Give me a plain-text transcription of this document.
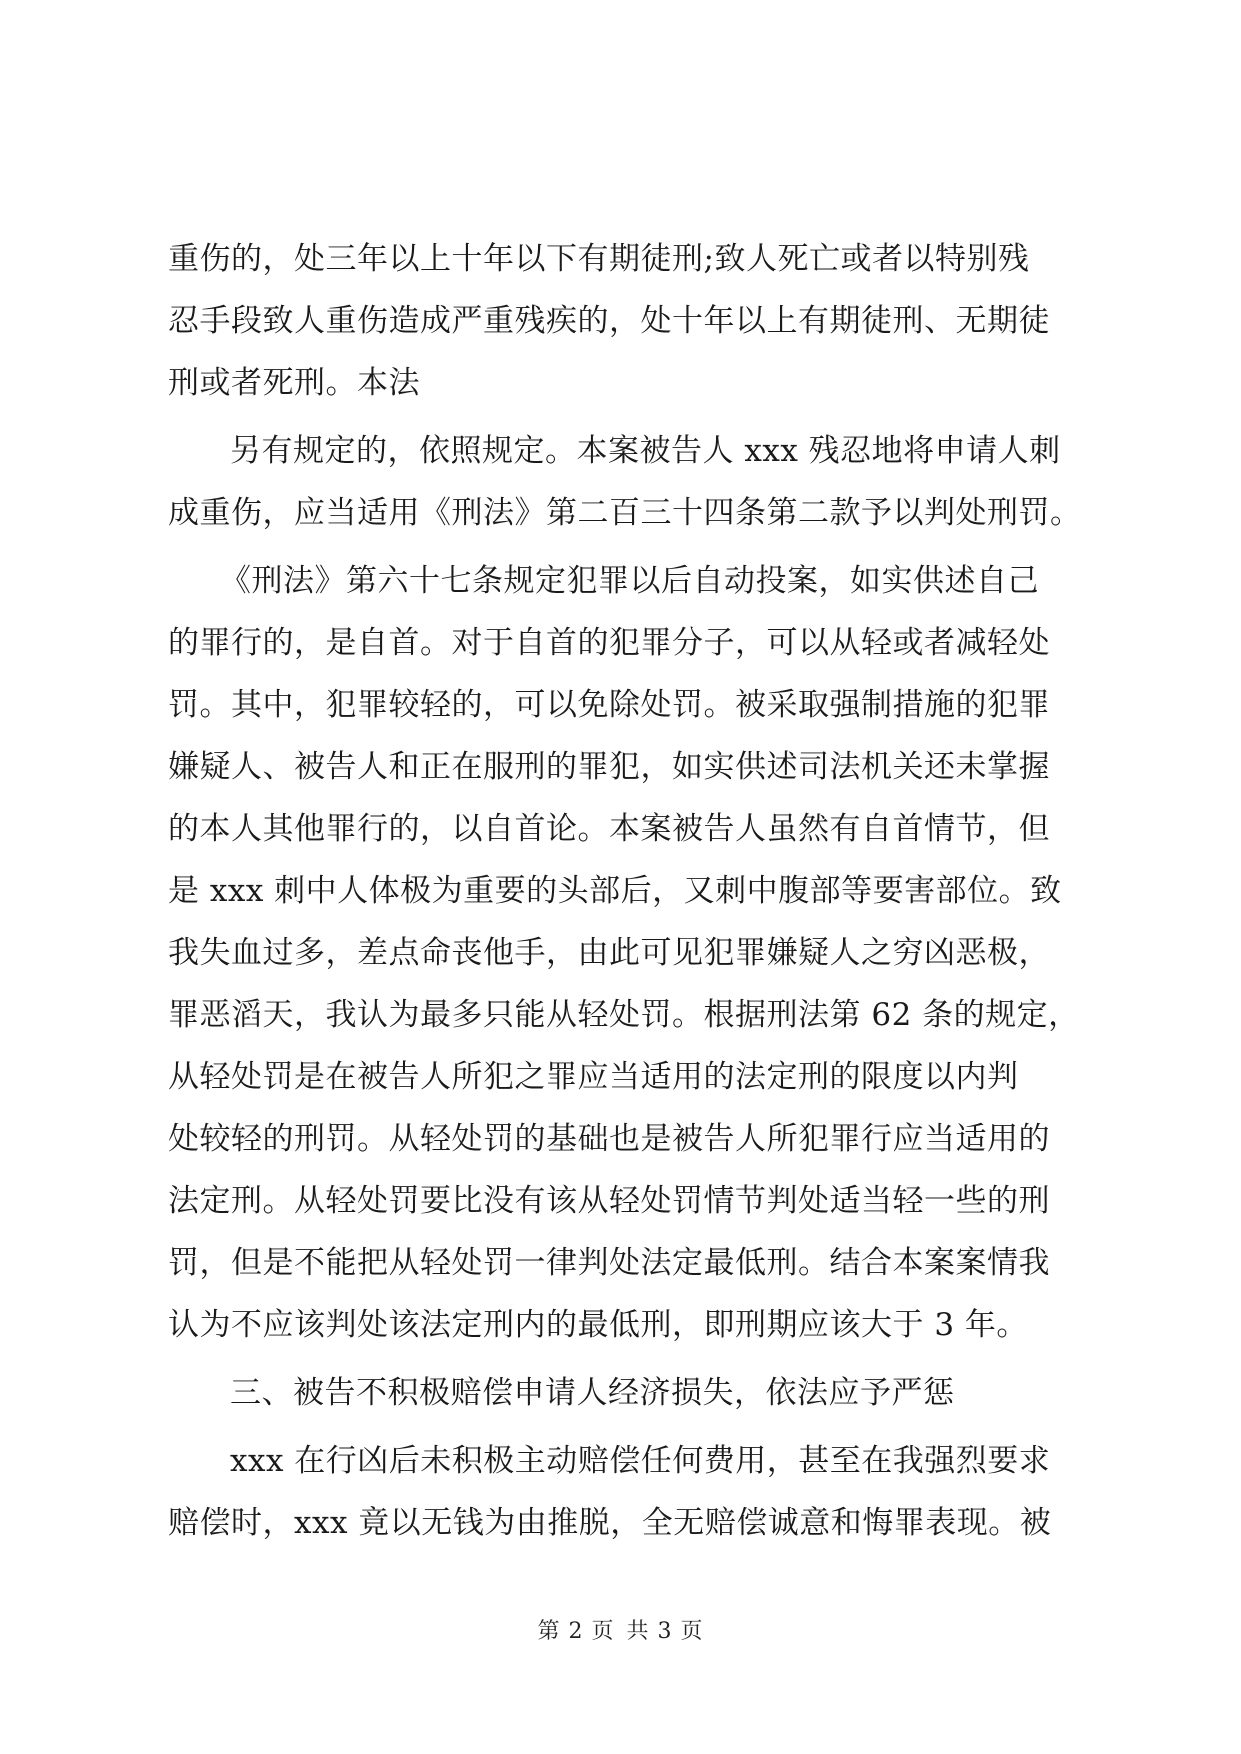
重伤的，处三年以上十年以下有期徒刑;致人死亡或者以特别残
忍手段致人重伤造成严重残疾的，处十年以上有期徒刑、无期徒
刑或者死刑。本法
另有规定的，依照规定。本案被告人 xxx 残忍地将申请人刺
成重伤，应当适用《刑法》第二百三十四条第二款予以判处刑罚。
《刑法》第六十七条规定犯罪以后自动投案，如实供述自己
的罪行的，是自首。对于自首的犯罪分子，可以从轻或者减轻处
罚。其中，犯罪较轻的，可以免除处罚。被采取强制措施的犯罪
嫌疑人、被告人和正在服刑的罪犯，如实供述司法机关还未掌握
的本人其他罪行的，以自首论。本案被告人虽然有自首情节，但
是 xxx 刺中人体极为重要的头部后，又刺中腹部等要害部位。致
我失血过多，差点命丧他手，由此可见犯罪嫌疑人之穷凶恶极，
罪恶滔天，我认为最多只能从轻处罚。根据刑法第 62 条的规定，
从轻处罚是在被告人所犯之罪应当适用的法定刑的限度以内判
处较轻的刑罚。从轻处罚的基础也是被告人所犯罪行应当适用的
法定刑。从轻处罚要比没有该从轻处罚情节判处适当轻一些的刑
罚，但是不能把从轻处罚一律判处法定最低刑。结合本案案情我
认为不应该判处该法定刑内的最低刑，即刑期应该大于 3 年。
三、被告不积极赔偿申请人经济损失，依法应予严惩
xxx 在行凶后未积极主动赔偿任何费用，甚至在我强烈要求
赔偿时，xxx 竟以无钱为由推脱，全无赔偿诚意和悔罪表现。被
第 2 页 共 3 页
